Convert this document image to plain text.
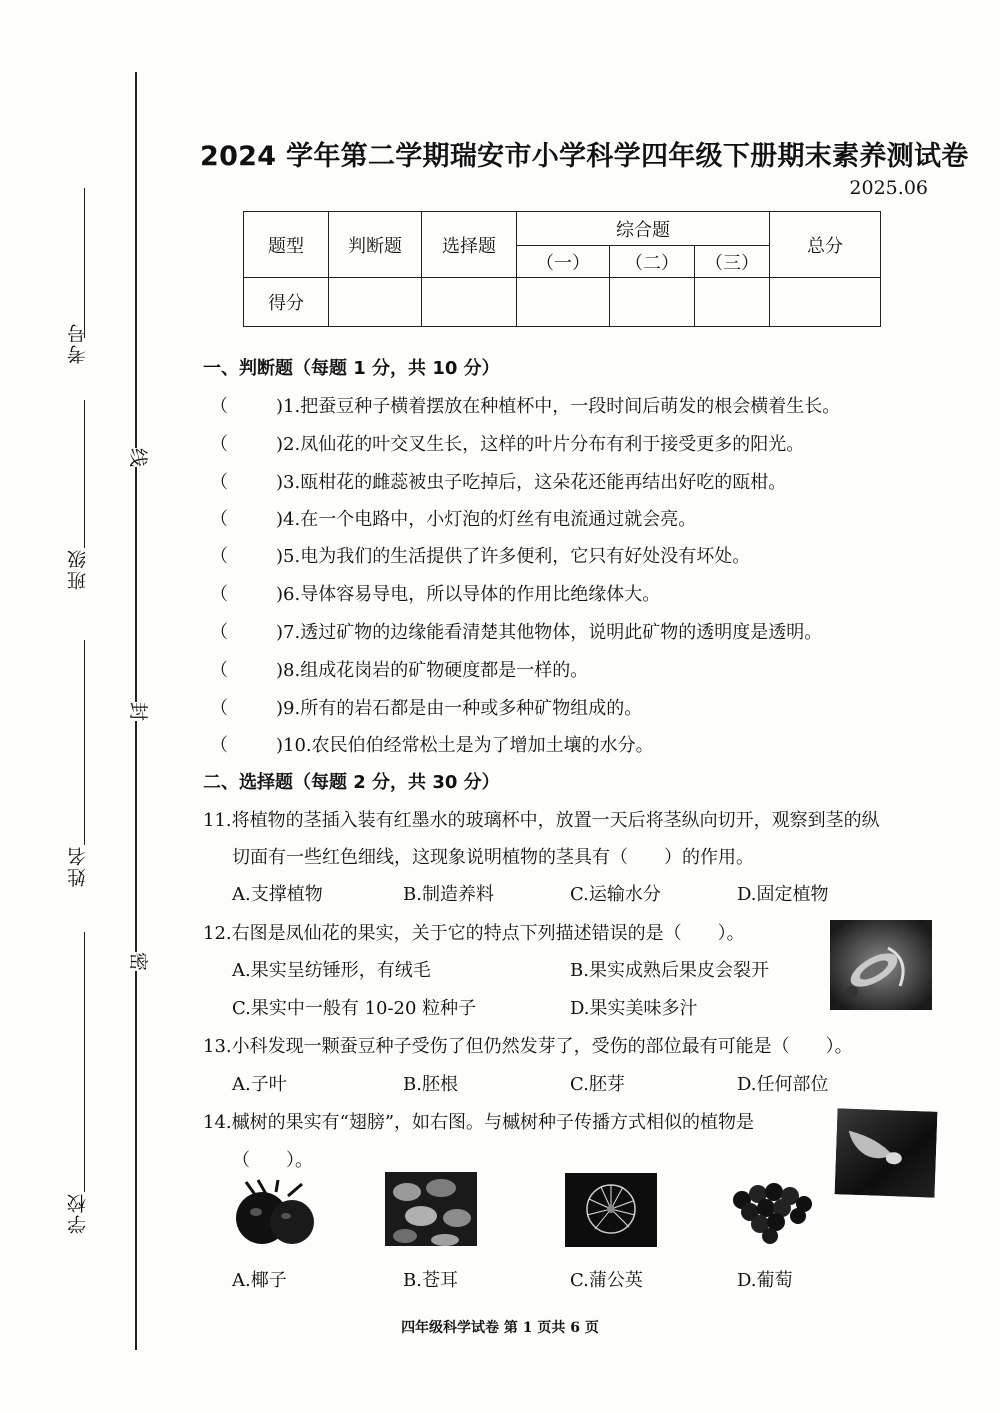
考号
班级
姓名
学校
线
封
密
2024 学年第二学期瑞安市小学科学四年级下册期末素养测试卷
2025.06
题型	判断题	选择题	综合题			总分
			（一）	（二）	（三）	
得分						
一、判断题（每题 1 分，共 10 分）
（	)1.把蚕豆种子横着摆放在种植杯中，一段时间后萌发的根会横着生长。
（	)2.凤仙花的叶交叉生长，这样的叶片分布有利于接受更多的阳光。
（	)3.瓯柑花的雌蕊被虫子吃掉后，这朵花还能再结出好吃的瓯柑。
（	)4.在一个电路中，小灯泡的灯丝有电流通过就会亮。
（	)5.电为我们的生活提供了许多便利，它只有好处没有坏处。
（	)6.导体容易导电，所以导体的作用比绝缘体大。
（	)7.透过矿物的边缘能看清楚其他物体，说明此矿物的透明度是透明。
（	)8.组成花岗岩的矿物硬度都是一样的。
（	)9.所有的岩石都是由一种或多种矿物组成的。
（	)10.农民伯伯经常松土是为了增加土壤的水分。
二、选择题（每题 2 分，共 30 分）
11.将植物的茎插入装有红墨水的玻璃杯中，放置一天后将茎纵向切开，观察到茎的纵
切面有一些红色细线，这现象说明植物的茎具有（　　）的作用。
A.支撑植物	B.制造养料	C.运输水分	D.固定植物
12.右图是凤仙花的果实，关于它的特点下列描述错误的是（　　）。
A.果实呈纺锤形，有绒毛	B.果实成熟后果皮会裂开
C.果实中一般有 10-20 粒种子	D.果实美味多汁
13.小科发现一颗蚕豆种子受伤了但仍然发芽了，受伤的部位最有可能是（　　）。
A.子叶	B.胚根	C.胚芽	D.任何部位
14.槭树的果实有“翅膀”，如右图。与槭树种子传播方式相似的植物是
（　　）。
A.椰子	B.苍耳	C.蒲公英	D.葡萄
四年级科学试卷 第 1 页共 6 页
